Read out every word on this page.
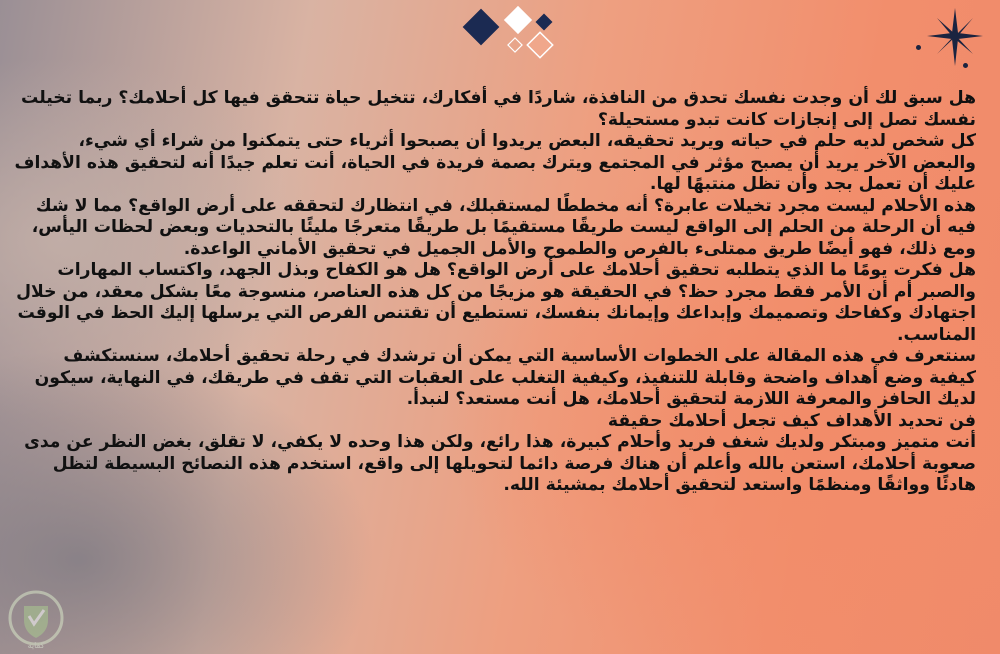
هل سبق لك أن وجدت نفسك تحدق من النافذة، شاردًا في أفكارك، تتخيل حياة تتحقق فيها كل أحلامك؟ ربما تخيلت نفسك تصل إلى إنجازات كانت تبدو مستحيلة؟

كل شخص لديه حلم في حياته ويريد تحقيقه، البعض يريدوا أن يصبحوا أثرياء حتى يتمكنوا من شراء أي شيء، والبعض الآخر يريد أن يصبح مؤثر في المجتمع ويترك بصمة فريدة في الحياة، أنت تعلم جيدًا أنه لتحقيق هذه الأهداف عليك أن تعمل بجد وأن تظل منتبهًا لها.

هذه الأحلام ليست مجرد تخيلات عابرة؟ أنه مخططًا لمستقبلك، في انتظارك لتحققه على أرض الواقع؟ مما لا شك فيه أن الرحلة من الحلم إلى الواقع ليست طريقًا مستقيمًا بل طريقًا متعرجًا مليئًا بالتحديات وبعض لحظات اليأس، ومع ذلك، فهو أيضًا طريق ممتلىء بالفرص والطموح والأمل الجميل في تحقيق الأماني الواعدة.

هل فكرت يومًا ما الذي يتطلبه تحقيق أحلامك على أرض الواقع؟ هل هو الكفاح وبذل الجهد، واكتساب المهارات والصبر أم أن الأمر فقط مجرد حظ؟ في الحقيقة هو مزيجًا من كل هذه العناصر، منسوجة معًا بشكل معقد، من خلال اجتهادك وكفاحك وتصميمك وإبداعك وإيمانك بنفسك، تستطيع أن تقتنص الفرص التي يرسلها إليك الحظ في الوقت المناسب.

سنتعرف في هذه المقالة على الخطوات الأساسية التي يمكن أن ترشدك في رحلة تحقيق أحلامك، سنستكشف كيفية وضع أهداف واضحة وقابلة للتنفيذ، وكيفية التغلب على العقبات التي تقف في طريقك، في النهاية، سيكون لديك الحافز والمعرفة اللازمة لتحقيق أحلامك، هل أنت مستعد؟ لنبدأ.

فن تحديد الأهداف كيف تجعل أحلامك حقيقة

أنت متميز ومبتكر ولديك شغف فريد وأحلام كبيرة، هذا رائع، ولكن هذا وحده لا يكفي، لا تقلق، بغض النظر عن مدى صعوبة أحلامك، استعن بالله وأعلم أن هناك فرصة دائما لتحويلها إلى واقع، استخدم هذه النصائح البسيطة لتظل هادئًا وواثقًا ومنظمًا واستعد لتحقيق أحلامك بمشيئة الله.

كفايه
